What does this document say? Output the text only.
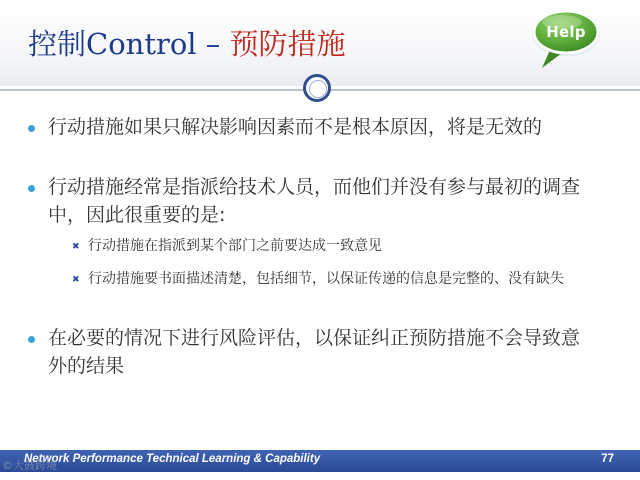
控制Control – 预防措施	Help

行动措施如果只解决影响因素而不是根本原因，将是无效的

行动措施经常是指派给技术人员，而他们并没有参与最初的调查中，因此很重要的是:

✖ 行动措施在指派到某个部门之前要达成一致意见

✖ 行动措施要书面描述清楚，包括细节，以保证传递的信息是完整的、没有缺失

在必要的情况下进行风险评估，以保证纠正预防措施不会导致意外的结果

Network Performance Technical Learning & Capability	77
©大鼓跨境
